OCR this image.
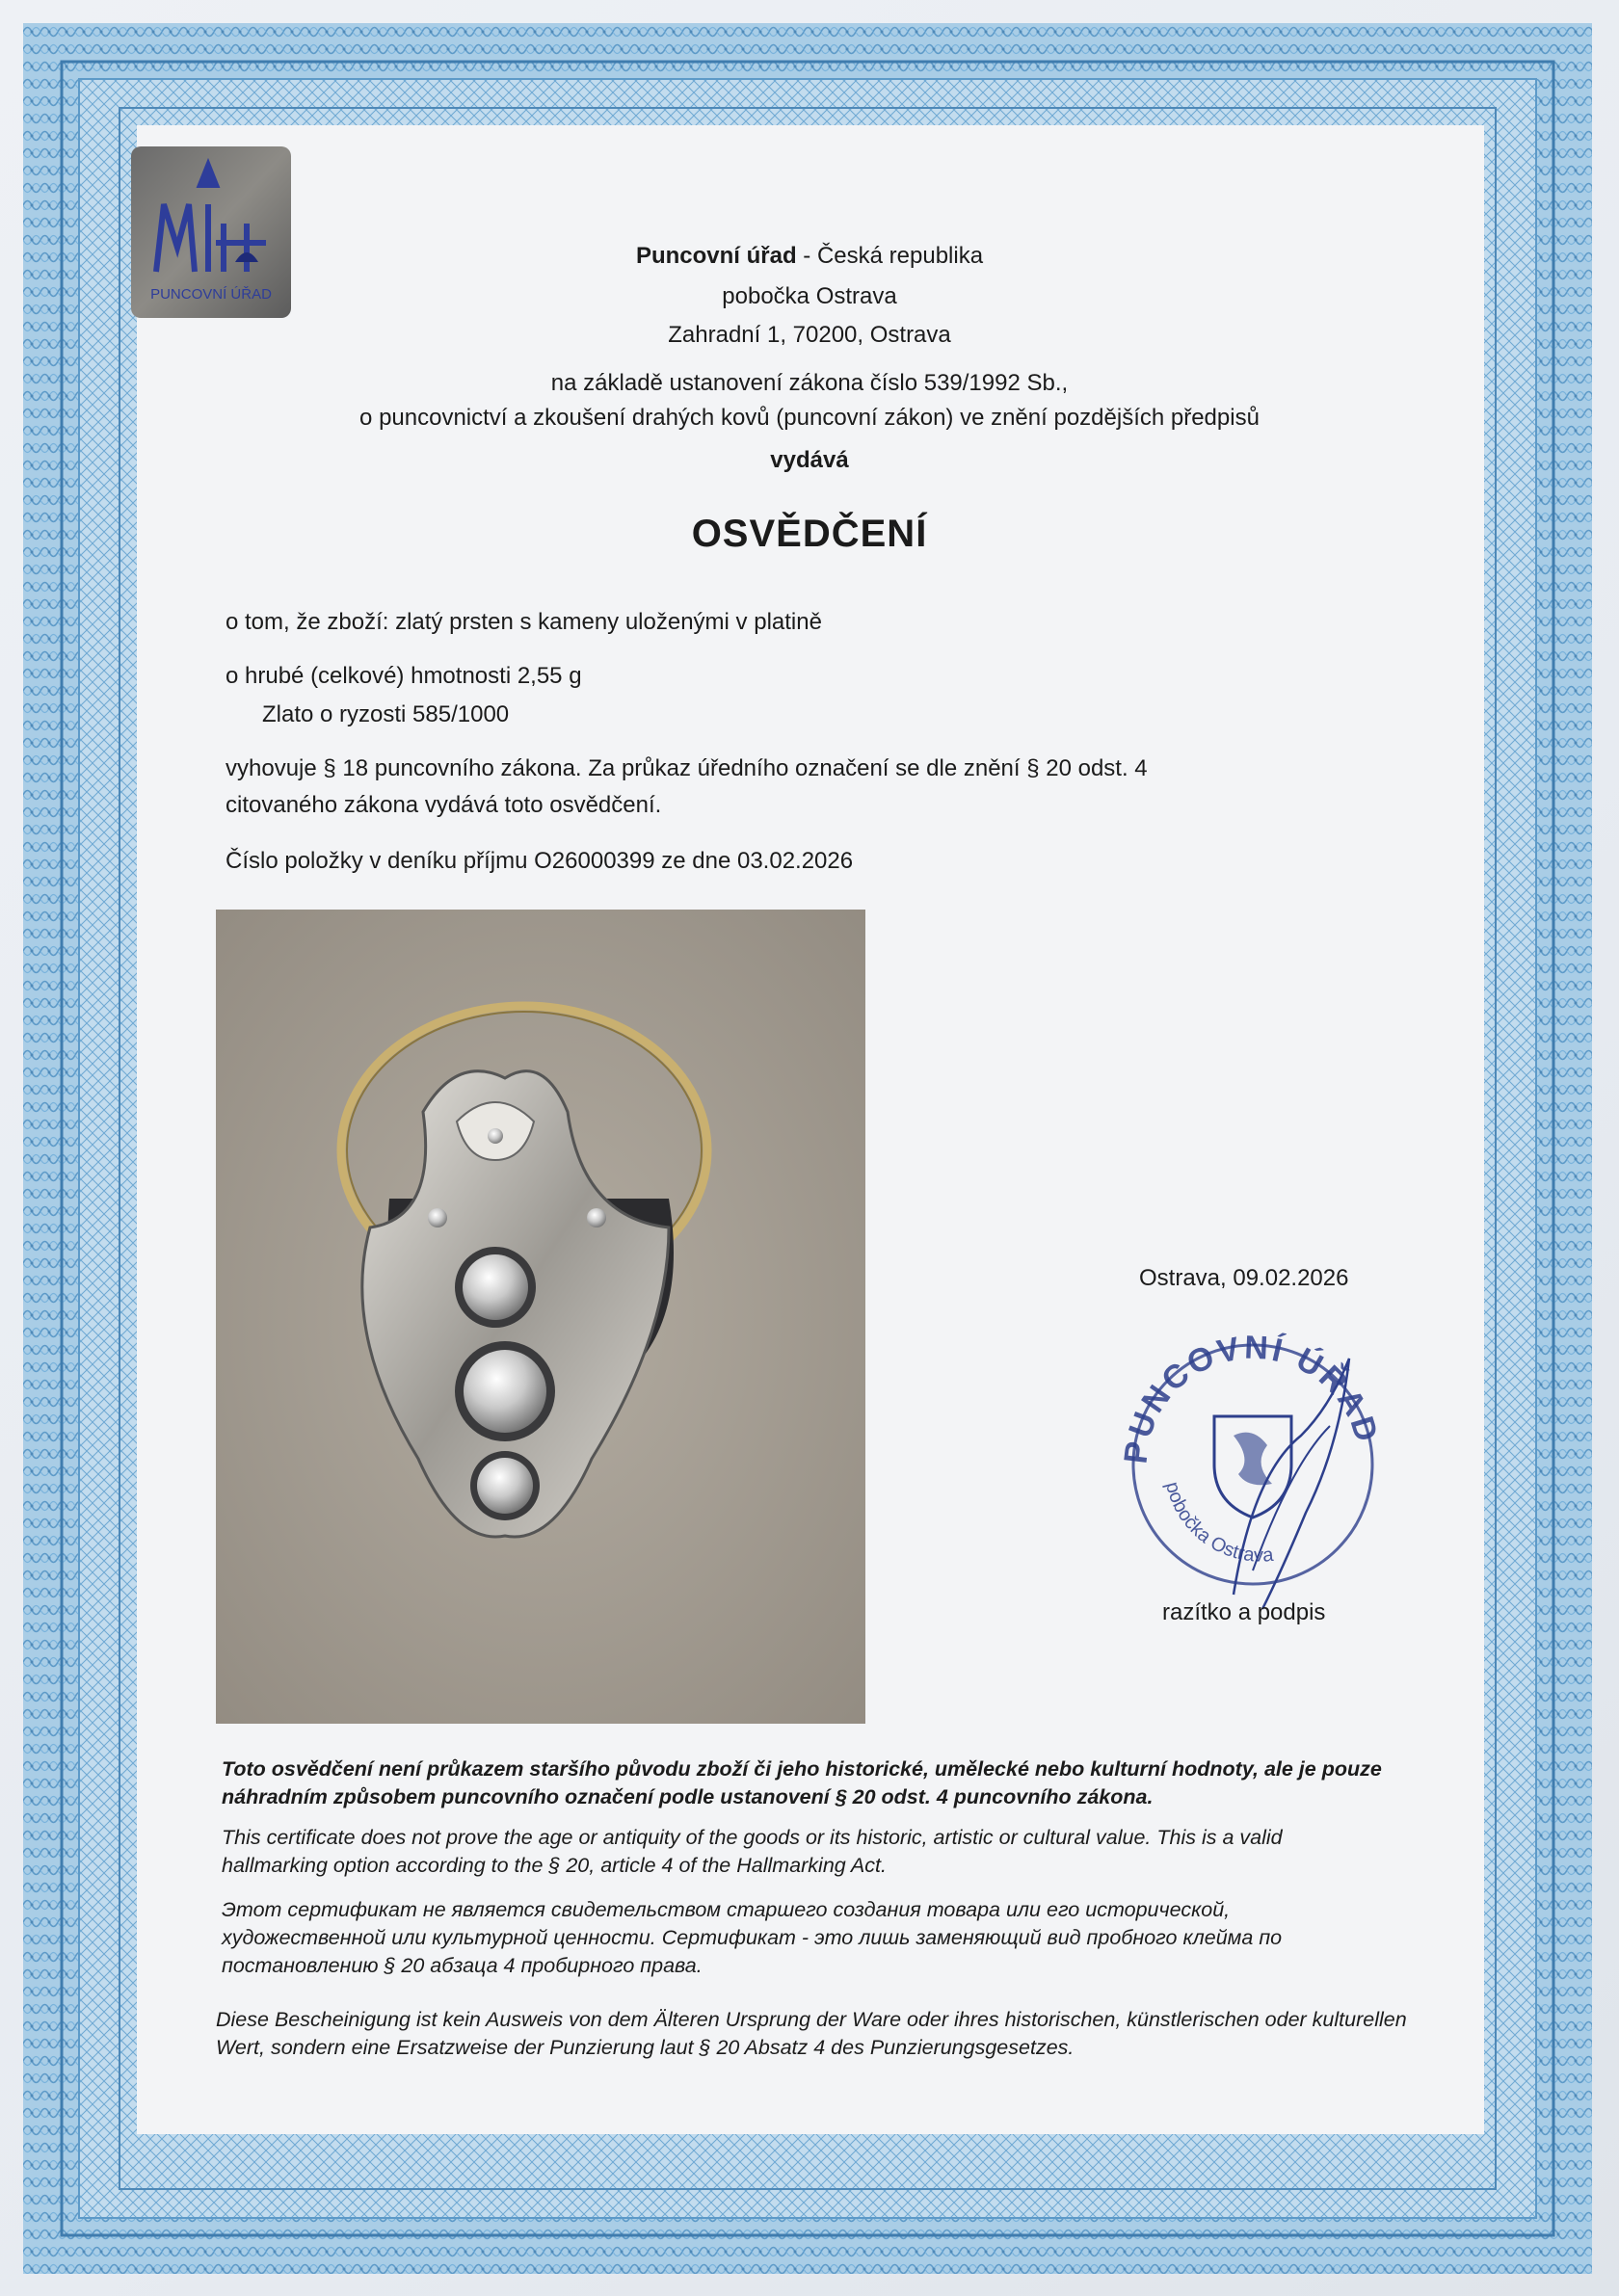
PUNCOVNÍ ÚŘAD
Puncovní úřad - Česká republika
pobočka Ostrava
Zahradní 1, 70200, Ostrava
na základě ustanovení zákona číslo 539/1992 Sb.,
o puncovnictví a zkoušení drahých kovů (puncovní zákon) ve znění pozdějších předpisů
vydává
OSVĚDČENÍ
o tom, že zboží: zlatý prsten s kameny uloženými v platině
o hrubé (celkové) hmotnosti 2,55 g
Zlato o ryzosti 585/1000
vyhovuje § 18 puncovního zákona. Za průkaz úředního označení se dle znění § 20 odst. 4
citovaného zákona vydává toto osvědčení.
Číslo položky v deníku příjmu O26000399 ze dne 03.02.2026
Ostrava, 09.02.2026
PUNCOVNÍ ÚŘAD
pobočka Ostrava
razítko a podpis
Toto osvědčení není průkazem staršího původu zboží či jeho historické, umělecké nebo kulturní hodnoty, ale je pouze náhradním způsobem puncovního označení podle ustanovení § 20 odst. 4 puncovního zákona.
This certificate does not prove the age or antiquity of the goods or its historic, artistic or cultural value. This is a valid hallmarking option according to the § 20, article 4 of the Hallmarking Act.
Этот сертификат не является свидетельством старшего создания товара или его исторической, художественной или культурной ценности. Сертификат - это лишь заменяющий вид пробного клейма по постановлению § 20 абзаца 4 пробирного права.
Diese Bescheinigung ist kein Ausweis von dem Älteren Ursprung der Ware oder ihres historischen, künstlerischen oder kulturellen Wert, sondern eine Ersatzweise der Punzierung laut § 20 Absatz 4 des Punzierungsgesetzes.
